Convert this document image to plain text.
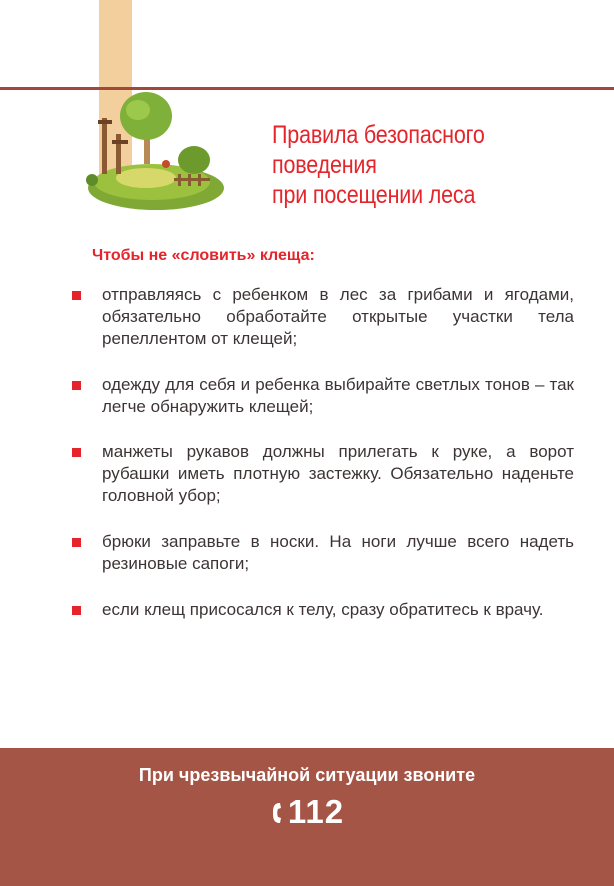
Правила безопасного
поведения
при посещении леса

Чтобы не «словить» клеща:

отправляясь с ребенком в лес за грибами и ягодами, обязательно обработайте открытые участки тела репеллентом от клещей;
одежду для себя и ребенка выбирайте светлых тонов – так легче обнаружить клещей;
манжеты рукавов должны прилегать к руке, а ворот рубашки иметь плотную застежку. Обязательно наденьте головной убор;
брюки заправьте в носки. На ноги лучше всего надеть резиновые сапоги;
если клещ присосался к телу, сразу обратитесь к врачу.
При чрезвычайной ситуации звоните
112
